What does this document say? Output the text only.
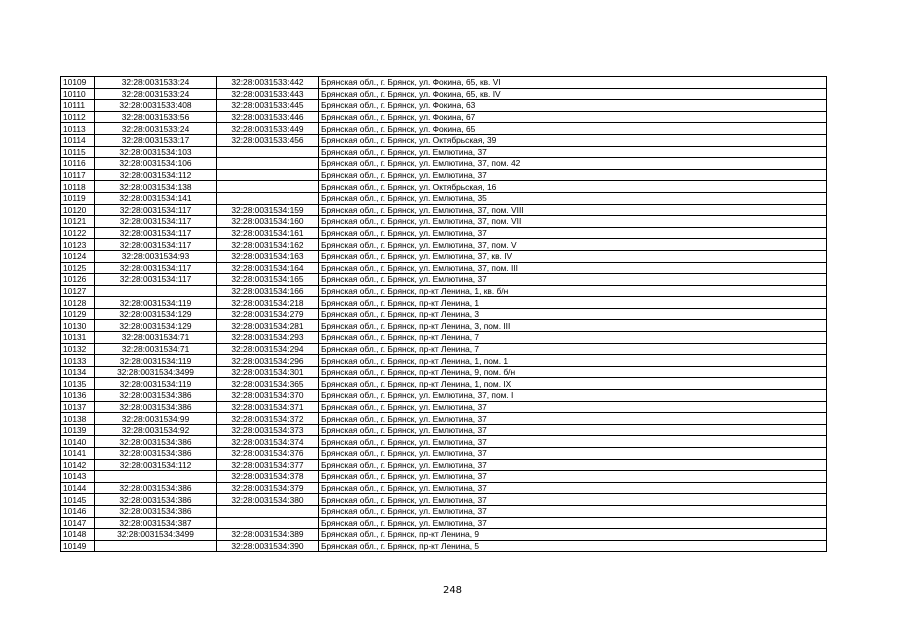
10109	32:28:0031533:24	32:28:0031533:442	Брянская обл., г. Брянск, ул. Фокина, 65, кв. VI
10110	32:28:0031533:24	32:28:0031533:443	Брянская обл., г. Брянск, ул. Фокина, 65, кв. IV
10111	32:28:0031533:408	32:28:0031533:445	Брянская обл., г. Брянск, ул. Фокина, 63
10112	32:28:0031533:56	32:28:0031533:446	Брянская обл., г. Брянск, ул. Фокина, 67
10113	32:28:0031533:24	32:28:0031533:449	Брянская обл., г. Брянск, ул. Фокина, 65
10114	32:28:0031533:17	32:28:0031533:456	Брянская обл., г. Брянск, ул. Октябрьская, 39
10115	32:28:0031534:103		Брянская обл., г. Брянск, ул. Емлютина, 37
10116	32:28:0031534:106		Брянская обл., г. Брянск, ул. Емлютина, 37, пом. 42
10117	32:28:0031534:112		Брянская обл., г. Брянск, ул. Емлютина, 37
10118	32:28:0031534:138		Брянская обл., г. Брянск, ул. Октябрьская, 16
10119	32:28:0031534:141		Брянская обл., г. Брянск, ул. Емлютина, 35
10120	32:28:0031534:117	32:28:0031534:159	Брянская обл., г. Брянск, ул. Емлютина, 37, пом. VIII
10121	32:28:0031534:117	32:28:0031534:160	Брянская обл., г. Брянск, ул. Емлютина, 37, пом. VII
10122	32:28:0031534:117	32:28:0031534:161	Брянская обл., г. Брянск, ул. Емлютина, 37
10123	32:28:0031534:117	32:28:0031534:162	Брянская обл., г. Брянск, ул. Емлютина, 37, пом. V
10124	32:28:0031534:93	32:28:0031534:163	Брянская обл., г. Брянск, ул. Емлютина, 37, кв. IV
10125	32:28:0031534:117	32:28:0031534:164	Брянская обл., г. Брянск, ул. Емлютина, 37, пом. III
10126	32:28:0031534:117	32:28:0031534:165	Брянская обл., г. Брянск, ул. Емлютина, 37
10127		32:28:0031534:166	Брянская обл., г. Брянск, пр-кт Ленина, 1, кв. б/н
10128	32:28:0031534:119	32:28:0031534:218	Брянская обл., г. Брянск, пр-кт Ленина, 1
10129	32:28:0031534:129	32:28:0031534:279	Брянская обл., г. Брянск, пр-кт Ленина, 3
10130	32:28:0031534:129	32:28:0031534:281	Брянская обл., г. Брянск, пр-кт Ленина, 3, пом. III
10131	32:28:0031534:71	32:28:0031534:293	Брянская обл., г. Брянск, пр-кт Ленина, 7
10132	32:28:0031534:71	32:28:0031534:294	Брянская обл., г. Брянск, пр-кт Ленина, 7
10133	32:28:0031534:119	32:28:0031534:296	Брянская обл., г. Брянск, пр-кт Ленина, 1, пом. 1
10134	32:28:0031534:3499	32:28:0031534:301	Брянская обл., г. Брянск, пр-кт Ленина, 9, пом. б/н
10135	32:28:0031534:119	32:28:0031534:365	Брянская обл., г. Брянск, пр-кт Ленина, 1, пом. IX
10136	32:28:0031534:386	32:28:0031534:370	Брянская обл., г. Брянск, ул. Емлютина, 37, пом. I
10137	32:28:0031534:386	32:28:0031534:371	Брянская обл., г. Брянск, ул. Емлютина, 37
10138	32:28:0031534:99	32:28:0031534:372	Брянская обл., г. Брянск, ул. Емлютина, 37
10139	32:28:0031534:92	32:28:0031534:373	Брянская обл., г. Брянск, ул. Емлютина, 37
10140	32:28:0031534:386	32:28:0031534:374	Брянская обл., г. Брянск, ул. Емлютина, 37
10141	32:28:0031534:386	32:28:0031534:376	Брянская обл., г. Брянск, ул. Емлютина, 37
10142	32:28:0031534:112	32:28:0031534:377	Брянская обл., г. Брянск, ул. Емлютина, 37
10143		32:28:0031534:378	Брянская обл., г. Брянск, ул. Емлютина, 37
10144	32:28:0031534:386	32:28:0031534:379	Брянская обл., г. Брянск, ул. Емлютина, 37
10145	32:28:0031534:386	32:28:0031534:380	Брянская обл., г. Брянск, ул. Емлютина, 37
10146	32:28:0031534:386		Брянская обл., г. Брянск, ул. Емлютина, 37
10147	32:28:0031534:387		Брянская обл., г. Брянск, ул. Емлютина, 37
10148	32:28:0031534:3499	32:28:0031534:389	Брянская обл., г. Брянск, пр-кт Ленина, 9
10149		32:28:0031534:390	Брянская обл., г. Брянск, пр-кт Ленина, 5
248
